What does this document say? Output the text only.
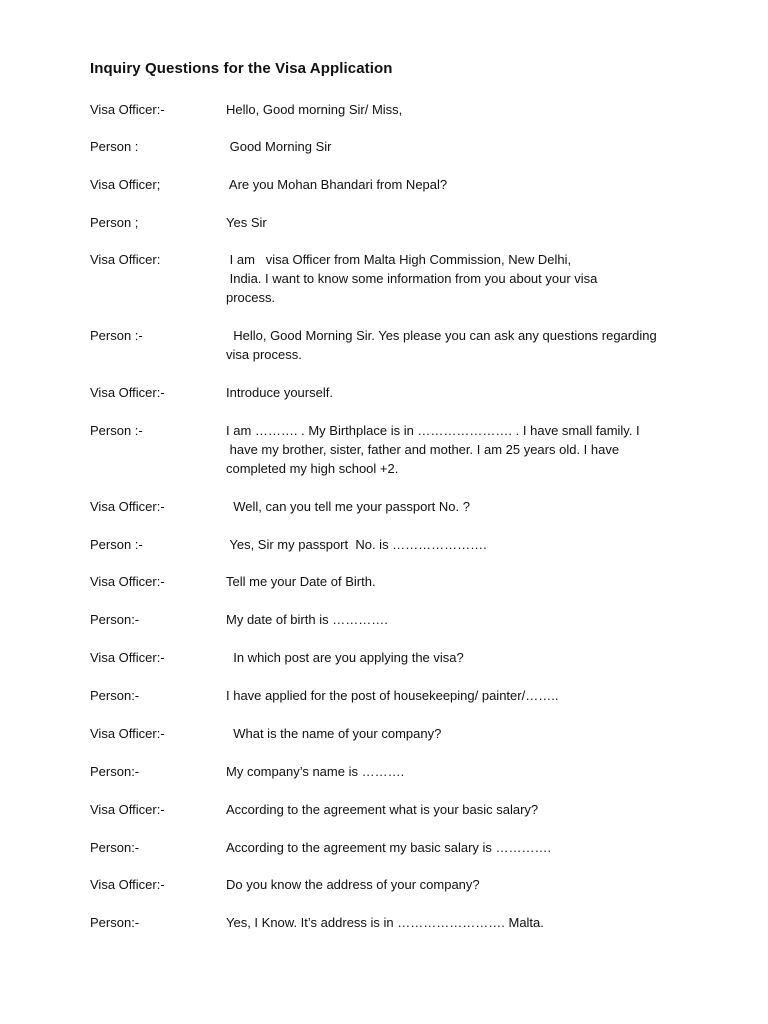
Inquiry Questions for the Visa Application
Visa Officer:-	Hello, Good morning Sir/ Miss,
Person :	Good Morning Sir
Visa Officer;	Are you Mohan Bhandari from Nepal?
Person ;	Yes Sir
Visa Officer:	I am   visa Officer from Malta High Commission, New Delhi,
India. I want to know some information from you about your visa
process.
Person :-	Hello, Good Morning Sir. Yes please you can ask any questions regarding
visa process.
Visa Officer:-	Introduce yourself.
Person :-	I am ………. . My Birthplace is in …………………. . I have small family. I
have my brother, sister, father and mother. I am 25 years old. I have
completed my high school +2.
Visa Officer:-	Well, can you tell me your passport No. ?
Person :-	Yes, Sir my passport  No. is ………………….
Visa Officer:-	Tell me your Date of Birth.
Person:-	My date of birth is ………….
Visa Officer:-	In which post are you applying the visa?
Person:-	I have applied for the post of housekeeping/ painter/……..
Visa Officer:-	What is the name of your company?
Person:-	My company’s name is ……….
Visa Officer:-	According to the agreement what is your basic salary?
Person:-	According to the agreement my basic salary is ………….
Visa Officer:-	Do you know the address of your company?
Person:-	Yes, I Know. It’s address is in ……………………. Malta.
